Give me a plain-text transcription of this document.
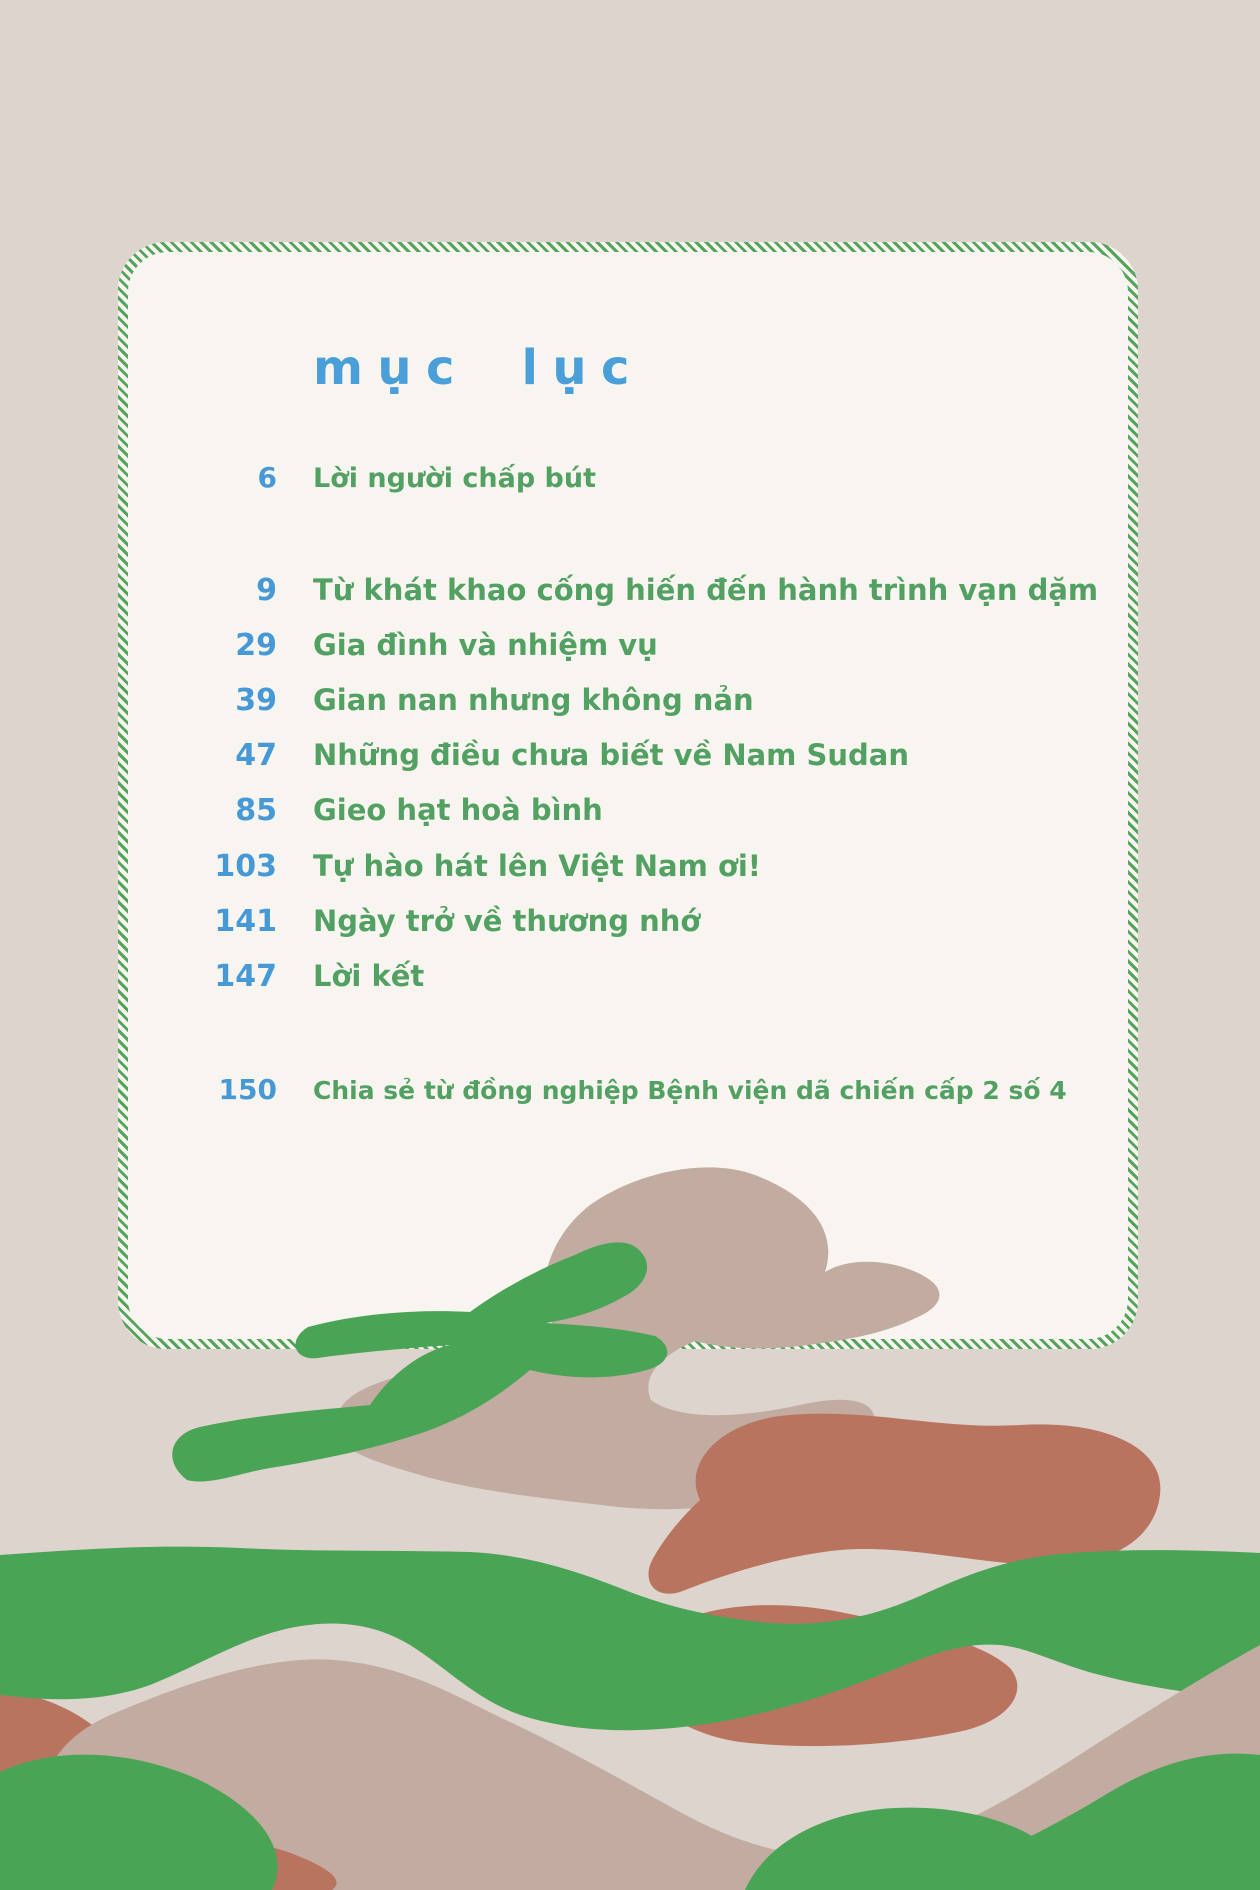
mục lục
6 Lời người chấp bút
9 Từ khát khao cống hiến đến hành trình vạn dặm
29 Gia đình và nhiệm vụ
39 Gian nan nhưng không nản
47 Những điều chưa biết về Nam Sudan
85 Gieo hạt hoà bình
103 Tự hào hát lên Việt Nam ơi!
141 Ngày trở về thương nhớ
147 Lời kết
150 Chia sẻ từ đồng nghiệp Bệnh viện dã chiến cấp 2 số 4
